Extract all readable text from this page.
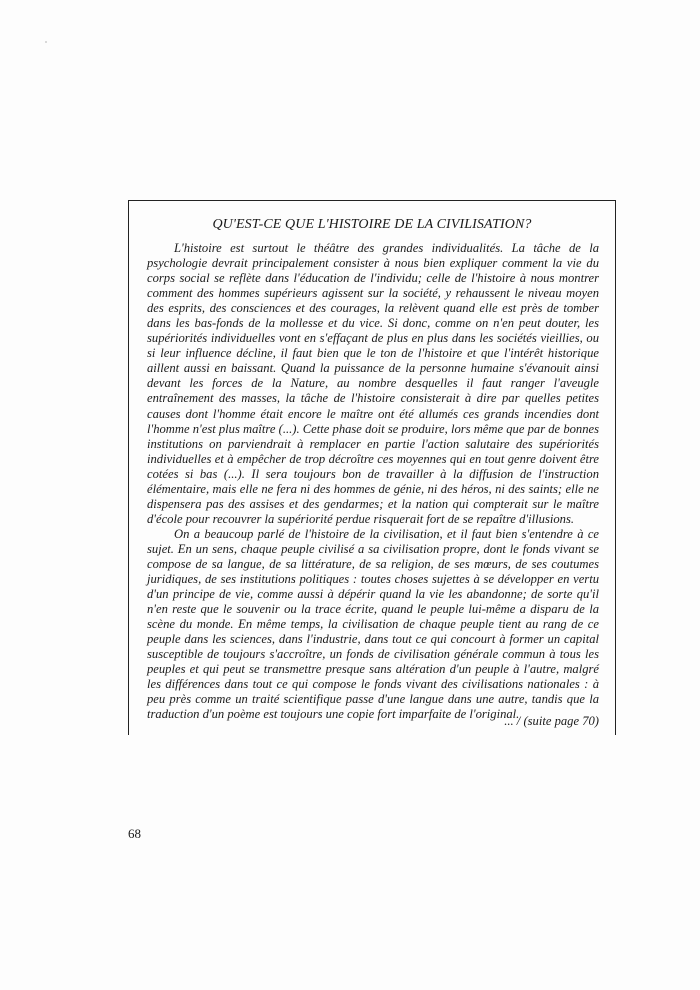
QU'EST-CE QUE L'HISTOIRE DE LA CIVILISATION?

L'histoire est surtout le théâtre des grandes individualités. La tâche de la psychologie devrait principalement consister à nous bien expliquer comment la vie du corps social se reflète dans l'éducation de l'individu; celle de l'histoire à nous montrer comment des hommes supérieurs agissent sur la société, y rehaussent le niveau moyen des esprits, des consciences et des courages, la relèvent quand elle est près de tomber dans les bas-fonds de la mollesse et du vice. Si donc, comme on n'en peut douter, les supériorités individuelles vont en s'effaçant de plus en plus dans les sociétés vieillies, ou si leur influence décline, il faut bien que le ton de l'histoire et que l'intérêt historique aillent aussi en baissant. Quand la puissance de la personne humaine s'évanouit ainsi devant les forces de la Nature, au nombre desquelles il faut ranger l'aveugle entraînement des masses, la tâche de l'histoire consisterait à dire par quelles petites causes dont l'homme était encore le maître ont été allumés ces grands incendies dont l'homme n'est plus maître (...). Cette phase doit se produire, lors même que par de bonnes institutions on parviendrait à remplacer en partie l'action salutaire des supériorités individuelles et à empêcher de trop décroître ces moyennes qui en tout genre doivent être cotées si bas (...). Il sera toujours bon de travailler à la diffusion de l'instruction élémentaire, mais elle ne fera ni des hommes de génie, ni des héros, ni des saints; elle ne dispensera pas des assises et des gendarmes; et la nation qui compterait sur le maître d'école pour recouvrer la supériorité perdue risquerait fort de se repaître d'illusions.

On a beaucoup parlé de l'histoire de la civilisation, et il faut bien s'entendre à ce sujet. En un sens, chaque peuple civilisé a sa civilisation propre, dont le fonds vivant se compose de sa langue, de sa littérature, de sa religion, de ses mœurs, de ses coutumes juridiques, de ses institutions politiques : toutes choses sujettes à se développer en vertu d'un principe de vie, comme aussi à dépérir quand la vie les abandonne; de sorte qu'il n'en reste que le souvenir ou la trace écrite, quand le peuple lui-même a disparu de la scène du monde. En même temps, la civilisation de chaque peuple tient au rang de ce peuple dans les sciences, dans l'industrie, dans tout ce qui concourt à former un capital susceptible de toujours s'accroître, un fonds de civilisation générale commun à tous les peuples et qui peut se transmettre presque sans altération d'un peuple à l'autre, malgré les différences dans tout ce qui compose le fonds vivant des civilisations nationales : à peu près comme un traité scientifique passe d'une langue dans une autre, tandis que la traduction d'un poème est toujours une copie fort imparfaite de l'original.

... / (suite page 70)
68
